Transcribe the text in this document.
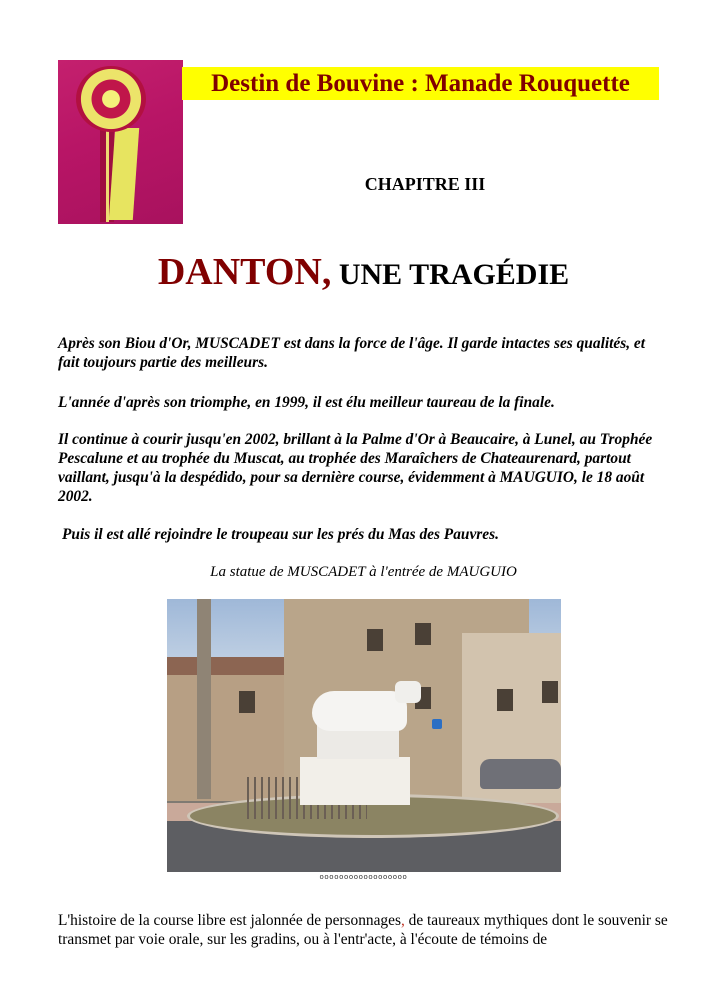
Destin de Bouvine : Manade Rouquette
CHAPITRE III
DANTON, UNE TRAGÉDIE
Après son Biou d'Or, MUSCADET est dans la force de l'âge. Il garde intactes ses qualités, et fait toujours partie des meilleurs.
L'année d'après son triomphe, en 1999, il est élu meilleur taureau de la finale.
Il continue à courir jusqu'en 2002, brillant à la Palme d'Or à Beaucaire, à Lunel, au Trophée Pescalune et au trophée du Muscat, au trophée des Maraîchers de Chateaurenard, partout vaillant, jusqu'à la despédido, pour sa dernière course, évidemment à MAUGUIO, le 18 août 2002.
Puis il est allé rejoindre le troupeau sur les prés du Mas des Pauvres.
La statue de MUSCADET à l'entrée de MAUGUIO
oooooooooooooooooo
L'histoire de la course libre est jalonnée de personnages, de taureaux mythiques dont le souvenir se transmet par voie orale, sur les gradins, ou à l'entr'acte, à l'écoute de témoins de
